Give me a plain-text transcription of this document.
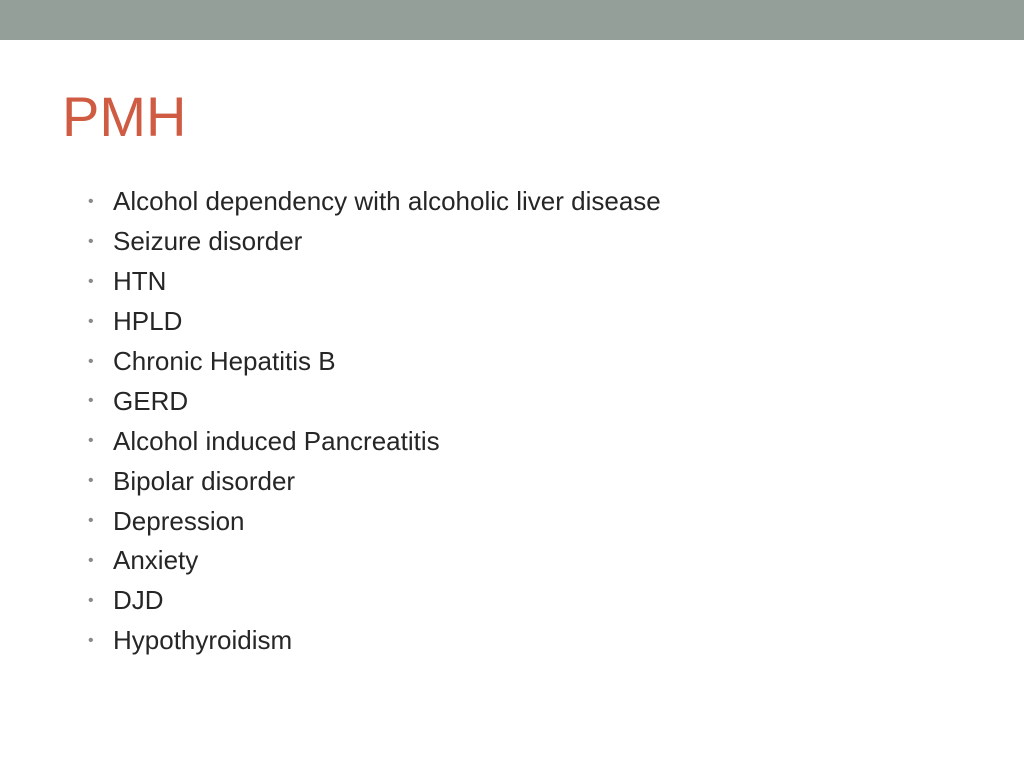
PMH
• Alcohol dependency with alcoholic liver disease
• Seizure disorder
• HTN
• HPLD
• Chronic Hepatitis B
• GERD
• Alcohol induced Pancreatitis
• Bipolar disorder
• Depression
• Anxiety
• DJD
• Hypothyroidism
